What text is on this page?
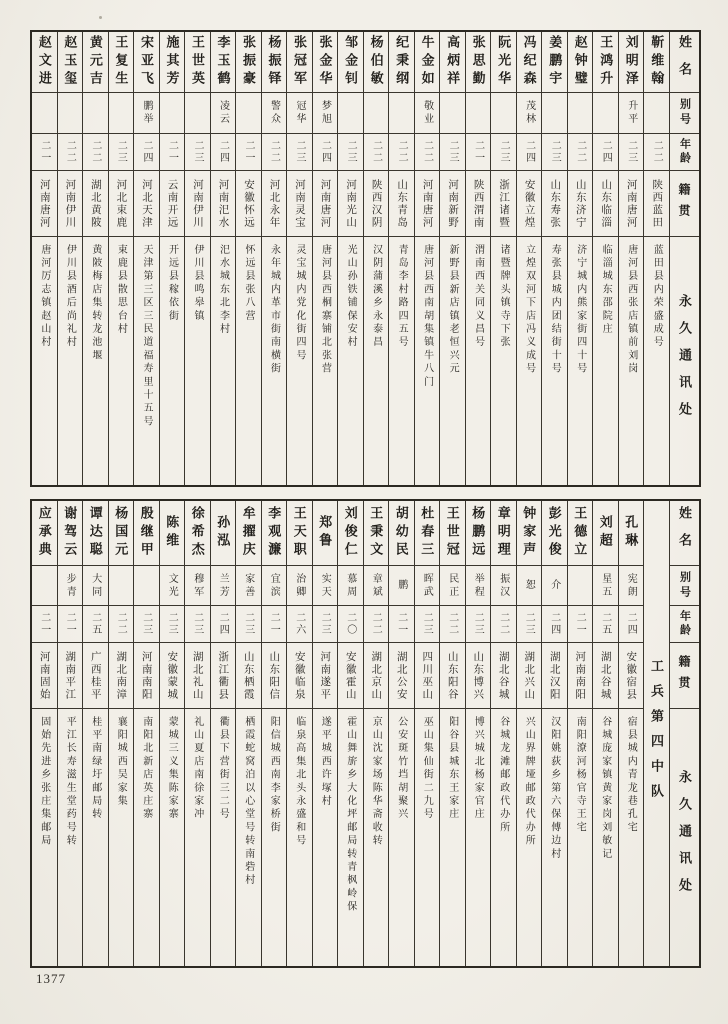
姓名
别号
年龄
籍贯
永久通讯处
靳维翰
二二
陕西蓝田
蓝田县内荣盛成号
刘明泽
升平
二三
河南唐河
唐河县西张店镇前刘岗
王鸿升
二四
山东临淄
临淄城东邵院庄
赵钟璧
二二
山东济宁
济宁城内熊家街四十号
姜鹏宇
二三
山东寿张
寿张县城内团结街十号
冯纪森
茂林
二四
安徽立煌
立煌双河下店冯义成号
阮光华
二三
浙江诸暨
诸暨牌头镇寺下张
张思勤
二一
陕西渭南
渭南西关同义昌号
高炳祥
二三
河南新野
新野县新店镇老恒兴元
牛金如
敬业
二二
河南唐河
唐河县西南胡集镇牛八门
纪秉纲
二二
山东青岛
青岛李村路四五号
杨伯敏
二二
陕西汉阴
汉阴蒲溪乡永泰昌
邹金钊
二三
河南光山
光山孙铁铺保安村
张金华
梦旭
二四
河南唐河
唐河县西桐寨铺北张营
张冠军
冠华
二三
河南灵宝
灵宝城内党化街四号
杨振铎
警众
二二
河北永年
永年城内革市街南横街
张振豪
二一
安徽怀远
怀远县张八营
李玉鹤
凌云
二四
河南汜水
汜水城东北李村
王世英
二三
河南伊川
伊川县鸣皋镇
施其芳
二一
云南开远
开远县稼依街
宋亚飞
鹏举
二四
河北天津
天津第三区三民道福寿里十五号
王复生
二三
河北束鹿
束鹿县散思台村
黄元吉
二二
湖北黄陂
黄陂梅店集转龙池堰
赵玉玺
二二
河南伊川
伊川县酒后尚礼村
赵文进
二一
河南唐河
唐河厉志镇赵山村
姓名
别号
年龄
籍贯
永久通讯处
工兵第四中队
孔琳
宪朗
二四
安徽宿县
宿县城内青龙巷孔宅
刘超
星五
二五
湖北谷城
谷城庞家镇黄家岗刘敏记
王德立
二一
河南南阳
南阳潦河杨官寺王宅
彭光俊
介
二四
湖北汉阳
汉阳姚荻乡第六保傅边村
钟家声
恕
二三
湖北兴山
兴山界牌垭邮政代办所
章明理
振汉
二二
湖北谷城
谷城龙滩邮政代办所
杨鹏远
举程
二三
山东博兴
博兴城北杨家官庄
王世冠
民正
二二
山东阳谷
阳谷县城东王家庄
杜春三
晖武
二三
四川巫山
巫山集仙街二九号
胡幼民
鹏
二一
湖北公安
公安斑竹垱胡聚兴
王秉文
章斌
二二
湖北京山
京山沈家场陈华斋收转
刘俊仁
慕周
二〇
安徽霍山
霍山舞旂乡大化坪邮局转青枫岭保
郑鲁
实天
二三
河南遂平
遂平城西许塚村
王天职
治卿
二六
安徽临泉
临泉高集北头永盛和号
李观濂
宜滨
二一
山东阳信
阳信城西南李家桥街
牟擢庆
家善
二三
山东栖霞
栖霞蛇窝泊以心堂号转南砦村
孙泓
兰芳
二四
浙江衢县
衢县下营街三二号
徐希杰
穆军
二三
湖北礼山
礼山夏店南徐家冲
陈维
文光
二三
安徽蒙城
蒙城三义集陈家寨
殷继甲
二三
河南南阳
南阳北新店英庄寨
杨国元
二二
湖北南漳
襄阳城西吴家集
谭达聪
大同
二五
广西桂平
桂平南绿圩邮局转
谢驾云
步青
二一
湖南平江
平江长寿滋生堂药号转
应承典
二一
河南固始
固始先进乡张庄集邮局
1377
